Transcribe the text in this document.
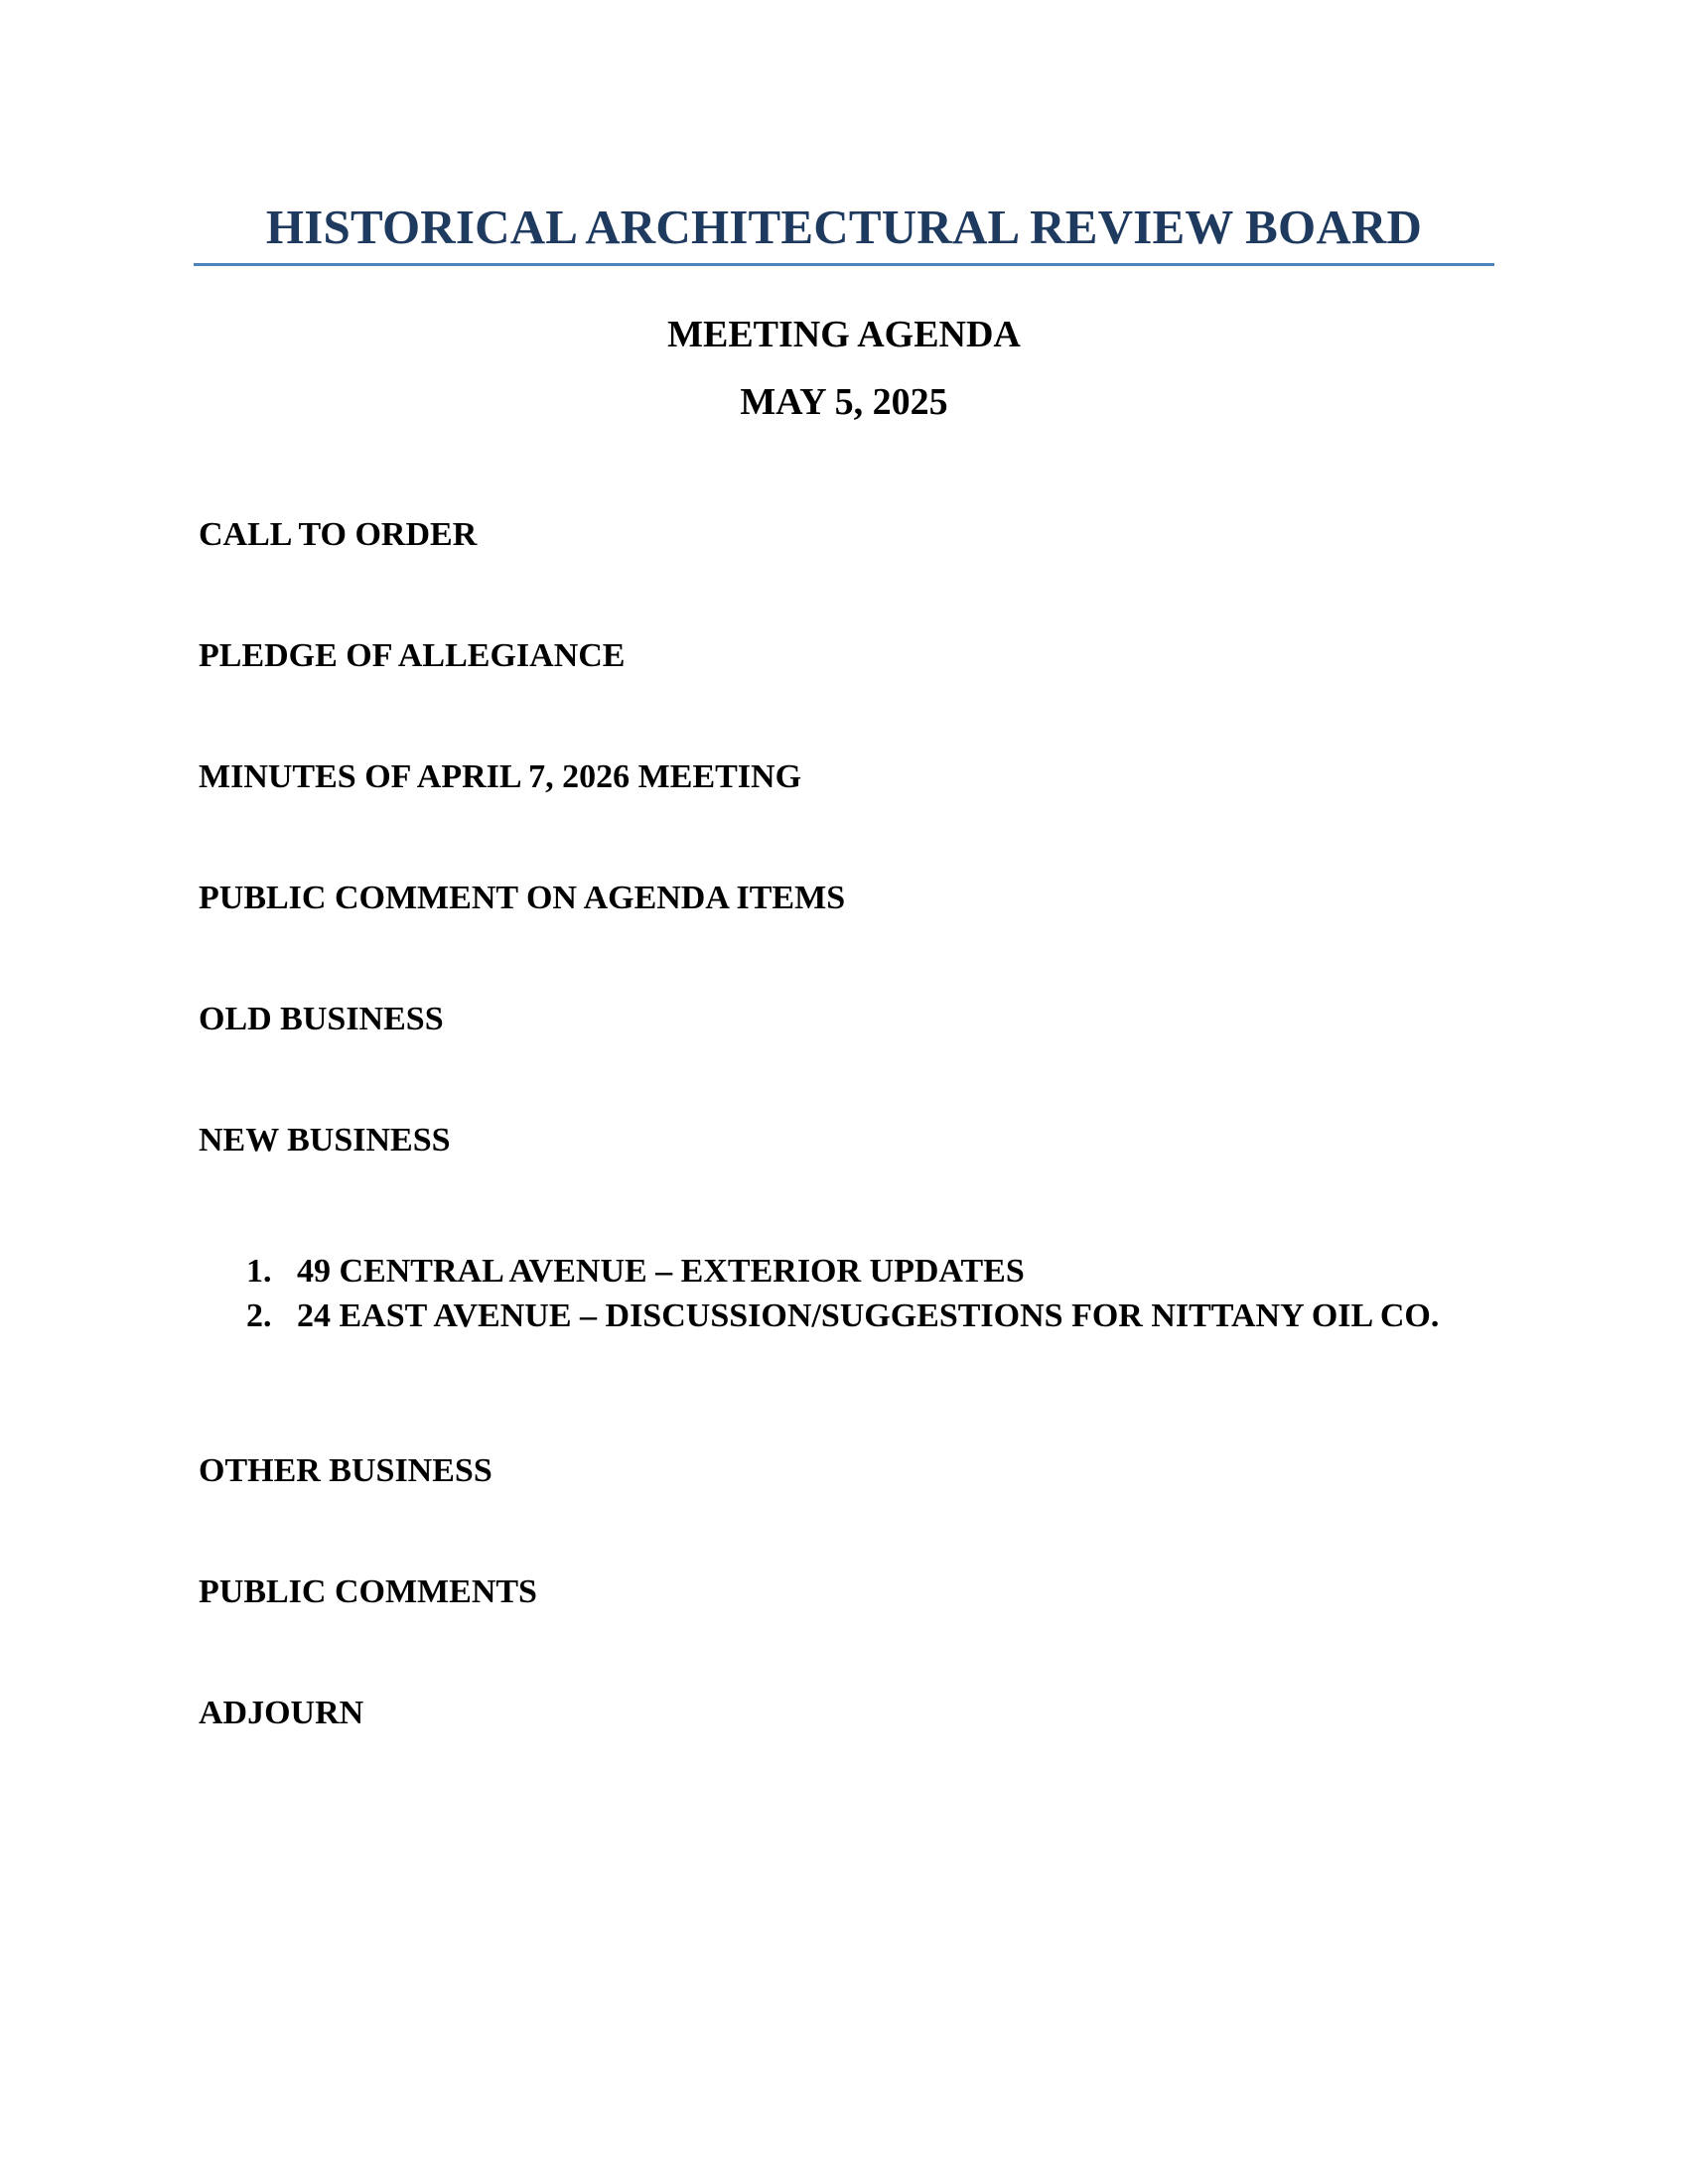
HISTORICAL ARCHITECTURAL REVIEW BOARD
MEETING AGENDA
MAY 5, 2025

CALL TO ORDER

PLEDGE OF ALLEGIANCE

MINUTES OF APRIL 7, 2026 MEETING

PUBLIC COMMENT ON AGENDA ITEMS

OLD BUSINESS

NEW BUSINESS

1. 49 CENTRAL AVENUE – EXTERIOR UPDATES
2. 24 EAST AVENUE – DISCUSSION/SUGGESTIONS FOR NITTANY OIL CO.

OTHER BUSINESS

PUBLIC COMMENTS

ADJOURN
